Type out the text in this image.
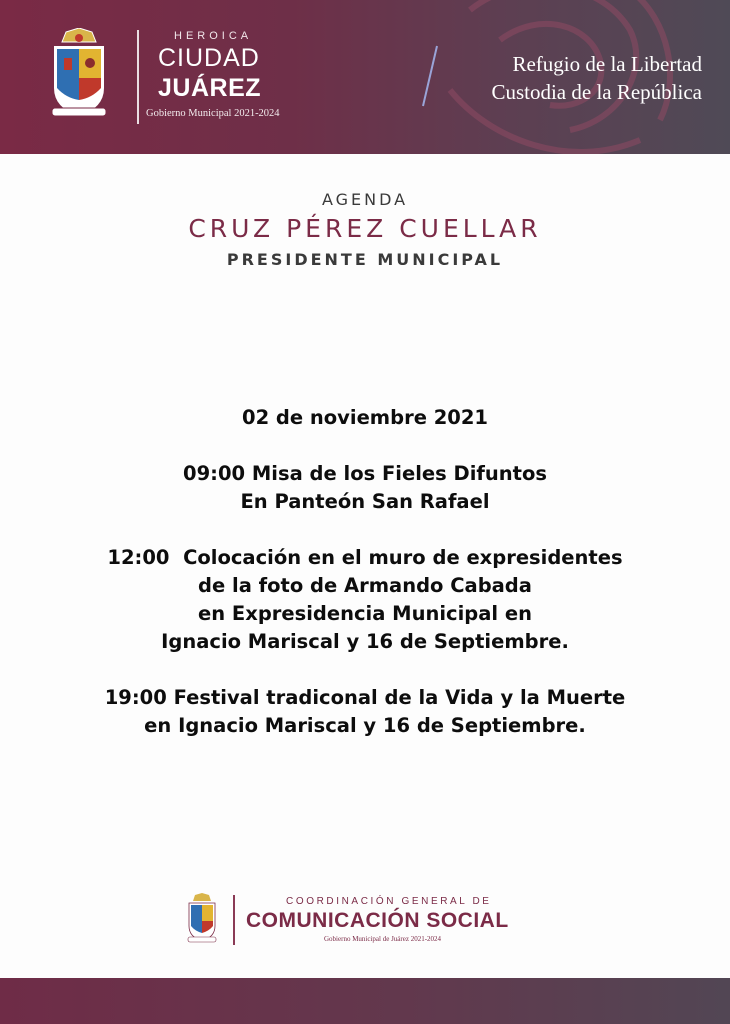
HEROICA
CIUDAD
JUÁREZ
Gobierno Municipal 2021-2024
Refugio de la Libertad
Custodia de la República
AGENDA
CRUZ PÉREZ CUELLAR
PRESIDENTE MUNICIPAL
02 de noviembre 2021
09:00 Misa de los Fieles Difuntos
En Panteón San Rafael
12:00  Colocación en el muro de expresidentes
de la foto de Armando Cabada
en Expresidencia Municipal en
Ignacio Mariscal y 16 de Septiembre.
19:00 Festival tradiconal de la Vida y la Muerte
en Ignacio Mariscal y 16 de Septiembre.
COORDINACIÓN GENERAL DE
COMUNICACIÓN SOCIAL
Gobierno Municipal de Juárez 2021-2024
